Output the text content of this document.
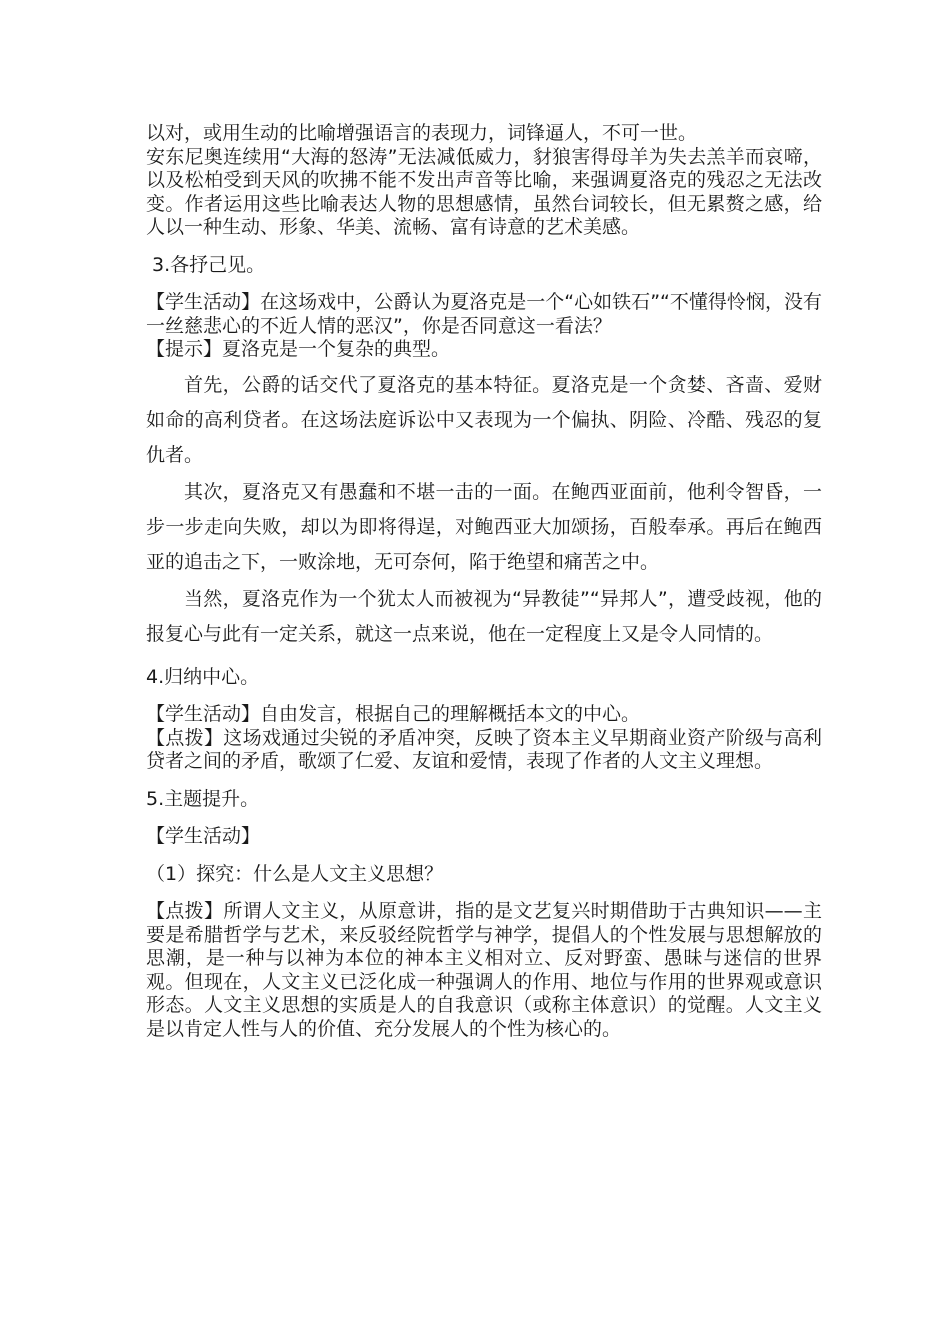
以对，或用生动的比喻增强语言的表现力，词锋逼人，不可一世。

安东尼奥连续用“大海的怒涛”无法减低威力，豺狼害得母羊为失去羔羊而哀啼，以及松柏受到天风的吹拂不能不发出声音等比喻，来强调夏洛克的残忍之无法改变。作者运用这些比喻表达人物的思想感情，虽然台词较长，但无累赘之感，给人以一种生动、形象、华美、流畅、富有诗意的艺术美感。

3.各抒己见。

【学生活动】在这场戏中，公爵认为夏洛克是一个“心如铁石”“不懂得怜悯，没有一丝慈悲心的不近人情的恶汉”，你是否同意这一看法？

【提示】夏洛克是一个复杂的典型。

首先，公爵的话交代了夏洛克的基本特征。夏洛克是一个贪婪、吝啬、爱财如命的高利贷者。在这场法庭诉讼中又表现为一个偏执、阴险、冷酷、残忍的复仇者。

其次，夏洛克又有愚蠢和不堪一击的一面。在鲍西亚面前，他利令智昏，一步一步走向失败，却以为即将得逞，对鲍西亚大加颂扬，百般奉承。再后在鲍西亚的追击之下，一败涂地，无可奈何，陷于绝望和痛苦之中。

当然，夏洛克作为一个犹太人而被视为“异教徒”“异邦人”，遭受歧视，他的报复心与此有一定关系，就这一点来说，他在一定程度上又是令人同情的。

4.归纳中心。

【学生活动】自由发言，根据自己的理解概括本文的中心。

【点拨】这场戏通过尖锐的矛盾冲突，反映了资本主义早期商业资产阶级与高利贷者之间的矛盾，歌颂了仁爱、友谊和爱情，表现了作者的人文主义理想。

5.主题提升。

【学生活动】

（1）探究：什么是人文主义思想？

【点拨】所谓人文主义，从原意讲，指的是文艺复兴时期借助于古典知识——主要是希腊哲学与艺术，来反驳经院哲学与神学，提倡人的个性发展与思想解放的思潮，是一种与以神为本位的神本主义相对立、反对野蛮、愚昧与迷信的世界观。但现在，人文主义已泛化成一种强调人的作用、地位与作用的世界观或意识形态。人文主义思想的实质是人的自我意识（或称主体意识）的觉醒。人文主义是以肯定人性与人的价值、充分发展人的个性为核心的。
